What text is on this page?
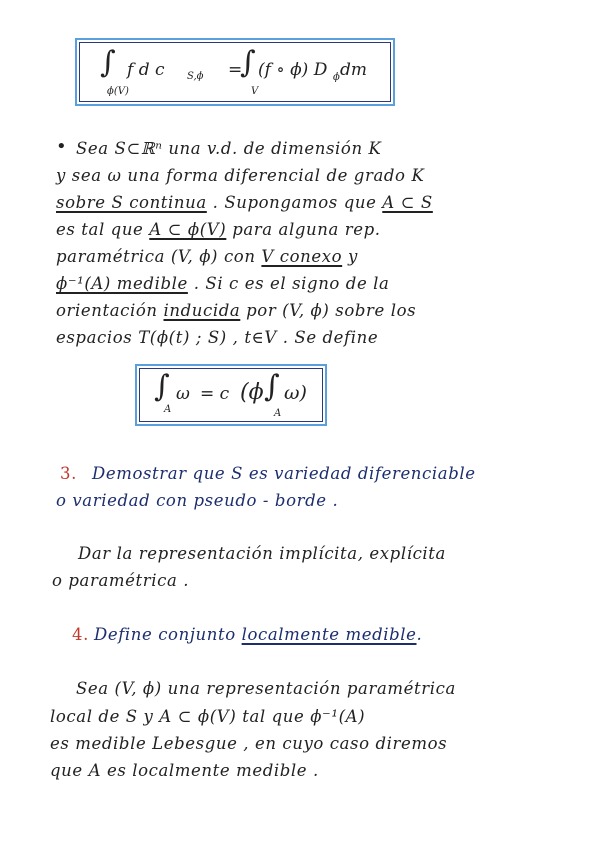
∫
ϕ(V)
f d c S,ϕ =
∫
V
(f ∘ ϕ) D ϕ dm
• Sea S⊂ℝⁿ una v.d. de dimensión K
y sea ω una forma diferencial de grado K
sobre S continua . Supongamos que A ⊂ S
es tal que A ⊂ ϕ(V) para alguna rep.
paramétrica (V, ϕ) con V conexo y
ϕ⁻¹(A) medible . Si c es el signo de la
orientación inducida por (V, ϕ) sobre los
espacios T(ϕ(t) ; S) , t∈V . Se define
∫
A
ω = c (ϕ ∫
A
ω)
3. Demostrar que S es variedad diferenciable
o variedad con pseudo - borde .
Dar la representación implícita, explícita
o paramétrica .
4. Define conjunto localmente medible.
Sea (V, ϕ) una representación paramétrica
local de S y A ⊂ ϕ(V) tal que ϕ⁻¹(A)
es medible Lebesgue , en cuyo caso diremos
que A es localmente medible .
